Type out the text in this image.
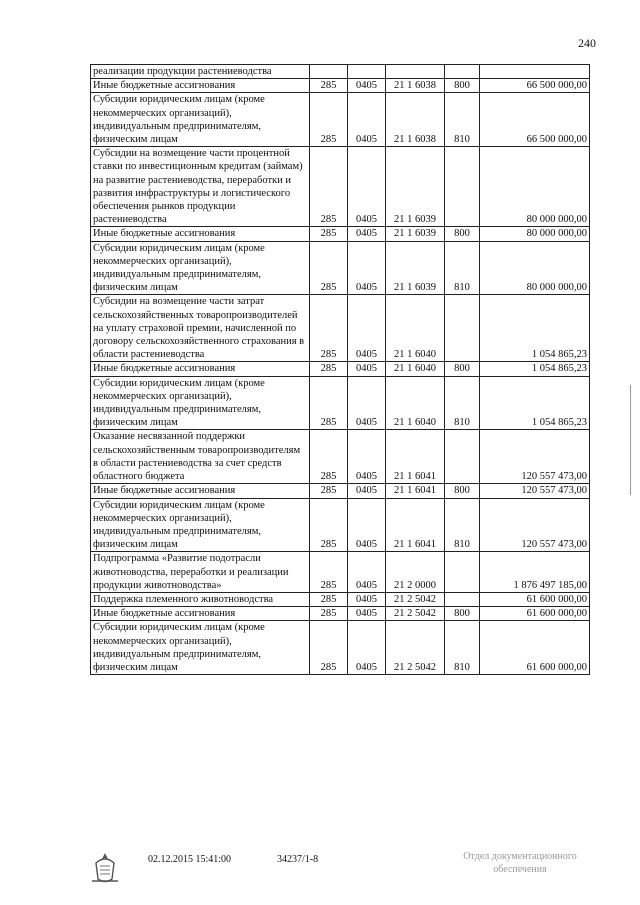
240
реализации продукции растениеводства					
Иные бюджетные ассигнования	285	0405	21 1 6038	800	66 500 000,00
Субсидии юридическим лицам (кроме некоммерческих организаций), индивидуальным предпринимателям, физическим лицам	285	0405	21 1 6038	810	66 500 000,00
Субсидии на возмещение части процентной ставки по инвестиционным кредитам (займам) на развитие растениеводства, переработки и развития инфраструктуры и логистического обеспечения рынков продукции растениеводства	285	0405	21 1 6039		80 000 000,00
Иные бюджетные ассигнования	285	0405	21 1 6039	800	80 000 000,00
Субсидии юридическим лицам (кроме некоммерческих организаций), индивидуальным предпринимателям, физическим лицам	285	0405	21 1 6039	810	80 000 000,00
Субсидии на возмещение части затрат сельскохозяйственных товаропроизводителей на уплату страховой премии, начисленной по договору сельскохозяйственного страхования в области растениеводства	285	0405	21 1 6040		1 054 865,23
Иные бюджетные ассигнования	285	0405	21 1 6040	800	1 054 865,23
Субсидии юридическим лицам (кроме некоммерческих организаций), индивидуальным предпринимателям, физическим лицам	285	0405	21 1 6040	810	1 054 865,23
Оказание несвязанной поддержки сельскохозяйственным товаропроизводителям в области растениеводства за счет средств областного бюджета	285	0405	21 1 6041		120 557 473,00
Иные бюджетные ассигнования	285	0405	21 1 6041	800	120 557 473,00
Субсидии юридическим лицам (кроме некоммерческих организаций), индивидуальным предпринимателям, физическим лицам	285	0405	21 1 6041	810	120 557 473,00
Подпрограмма «Развитие подотрасли животноводства, переработки и реализации продукции животноводства»	285	0405	21 2 0000		1 876 497 185,00
Поддержка племенного животноводства	285	0405	21 2 5042		61 600 000,00
Иные бюджетные ассигнования	285	0405	21 2 5042	800	61 600 000,00
Субсидии юридическим лицам (кроме некоммерческих организаций), индивидуальным предпринимателям, физическим лицам	285	0405	21 2 5042	810	61 600 000,00
02.12.2015 15:41:00	34237/1-8	Отдел документационного
обеспечения
